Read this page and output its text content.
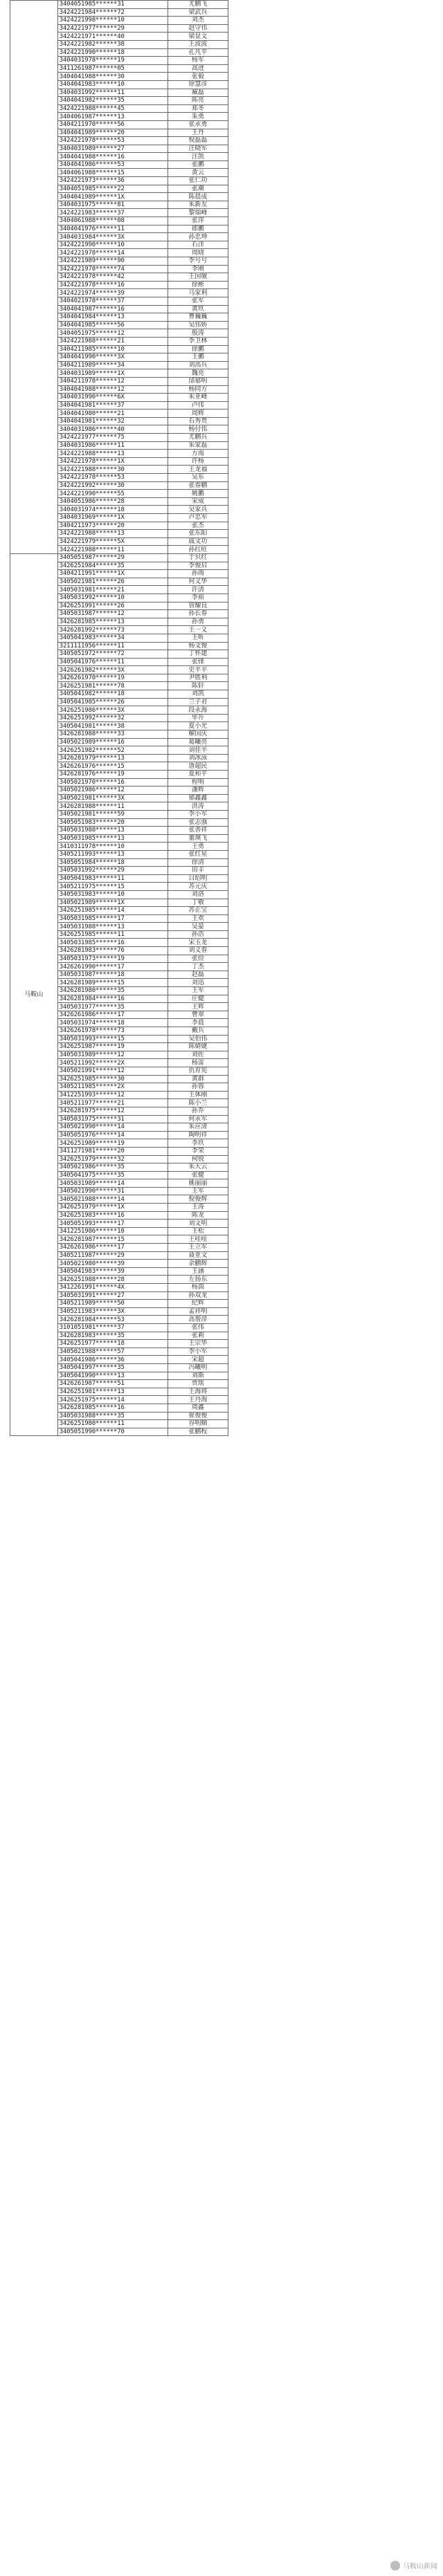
	3404051985******31	尤鹏飞
	3424221984******72	梁武兵
	3424221998******10	刘杰
	3424221977******29	赵守伟
	3424221971******40	梁显文
	3424221982******38	王波波
	3424221990******18	孔凡平
	3404031978******19	杨军
	3411261987******05	高进
	3404041988******30	张毅
	3404041983******10	徐慧彦
	3404031992******11	臧磊
	3404041982******35	陈亮
	3424221988******45	郑冬
	3404061987******13	朱勇
	3404211970******56	张永勇
	3404041989******20	王丹
	3424221978******53	倪磊磊
	3404031989******27	汪晓军
	3404041988******16	汪凯
	3404041986******53	张鹏
	3404061988******15	黄云
	3424221973******36	张仁功
	3404051985******22	张潮
	3404041989******1X	陈晨成
	3404031975******81	朱新友
	3424221983******37	黎瑞峰
	3404061988******08	张萍
	3404041976******11	郎鹏
	3404031984******3X	孙忠坤
	3424221990******10	石洋
	3424221978******14	周晓
	3424221989******90	李号号
	3424221978******74	李刚
	3424221978******42	王国敏
	3424221978******16	徐彬
	3424221974******39	马家利
	3404021978******37	张军
	3404041987******16	黄玖
	3404041984******13	曹巍巍
	3404041985******56	吴伟娇
	3404051975******12	殷涛
	3424221988******21	李卫林
	3404211985******10	徐鹏
	3404041990******3X	王鹏
	3404211989******34	刘高兵
	3404031989******1X	魏亮
	3404211978******12	邰郁明
	3404041988******12	杨同方
	3404031990******6X	朱亚峰
	3404041981******37	卢伟
	3404041980******21	周辉
	3404041981******32	石秀贵
	3404031986******40	杨付伟
	3424221977******75	尤鹏兵
	3404031986******11	朱家磊
	3424221988******13	方雨
	3424221978******1X	许杨
	3424221988******30	王龙福
	3424221978******53	吴东
	3424221992******30	张春鹏
	3424221990******55	姚鹏
	3404051986******28	宋成
	3404031974******18	吴家兵
	3404031969******1X	卢忠军
	3404211973******20	张杰
	3424221988******13	张东阳
	3424221979******5X	戚文功
	3424221988******11	孙红旺
马鞍山	3405051987******29	于贝红
	3426251984******35	李俊启
	3404211991******1X	孙雨
	3405021981******26	何义华
	3405031981******21	许清
	3405031992******10	李裕
	3426251991******26	管耀良
	3405031987******12	孙长春
	3426281985******13	孙勇
	3426281992******73	王一义
	3405041983******34	王昕
	3211111956******11	杨文俊
	3405051972******72	丁怀建
	3405041976******11	张锋
	3426261982******3X	史平平
	3426261970******19	尹胜利
	3426251981******78	陈轩
	3405041982******18	刘凯
	3405041985******26	兰子君
	3426251986******3X	段永海
	3426251992******32	毕升
	3405041981******38	夏小光
	3426281988******33	解国庆
	3405021989******16	葛曦亮
	3426251982******52	刘佳平
	3426281979******13	刘冰泳
	3426261976******15	唐超民
	3426281976******19	夏和平
	3405021970******16	程明
	3405021986******12	潘辉
	3405021981******3X	郁鑫鑫
	3426281988******11	洪涛
	3405021981******59	李小军
	3405051983******20	张志强
	3405031988******13	张善祥
	3405031985******13	董瑛飞
	3410311978******10	王勇
	3405211993******13	张红星
	3405051984******18	徐清
	3405031992******29	田丰
	3405041983******11	吕绍明
	3405211975******15	苏元庆
	3405031983******10	刘洛
	3405021989******1X	丁敬
	3426251985******14	苏正宝
	3405031985******17	王欢
	3405031988******13	吴晏
	3426251985******11	孙浩
	3405031985******16	宋玉龙
	3426281983******76	刘义春
	3405031973******19	张俭
	3426261990******17	丁杰
	3405031987******18	赵磊
	3426281989******15	刘迅
	3426281980******35	王军
	3426281984******16	庄健
	3405031977******35	王辉
	3426261986******17	曹翠
	3405031974******18	李晨
	3426261978******73	戴兵
	3405031993******15	吴伯伟
	3426251987******19	陈婧婕
	3405031989******12	刘佐
	3405211992******2X	杨雷
	3405021991******12	仇育宪
	3426251985******30	黄群
	3405211985******2X	孙蓉
	3412251993******12	王体刚
	3405211977******21	陈小兰
	3426281975******12	孙乔
	3405031975******31	何永军
	3405021990******14	朱应清
	3405051976******14	陶明祥
	3426251989******19	李玖
	3411271981******20	李荣
	3426251979******32	何锐
	3405021986******35	朱大云
	3405041975******35	张健
	3405031989******14	姚丽丽
	3405021990******31	王军
	3405021988******14	倪俊辉
	3426251979******1X	王涛
	3426251983******16	陈龙
	3405051993******17	刘文明
	3412251986******10	王松
	3426281987******15	王哇哇
	3426261986******17	王立军
	3405211987******29	聂亚文
	3405021980******39	余鹏辉
	3405041983******39	王涵
	3426251988******28	左扬东
	3412261991******4X	杨茵
	3405031991******27	孙双龙
	3405211989******50	纪辉
	3405211983******3X	孟祥明
	3426281984******53	高帮萍
	3101051981******37	张伟
	3426281983******35	张莉
	3426251977******18	王宗华
	3405021988******57	李小军
	3405041986******36	宋超
	3405041997******35	冯曦明
	3405041990******13	刘斯
	3426261987******51	贾瑶
	3426251981******13	王海将
	3426251975******14	王丹海
	3426281985******16	周鑫
	3405031988******35	崔俊俊
	3426251980******11	谷明顺
	3405051990******70	张鹏程
马鞍山新闻
